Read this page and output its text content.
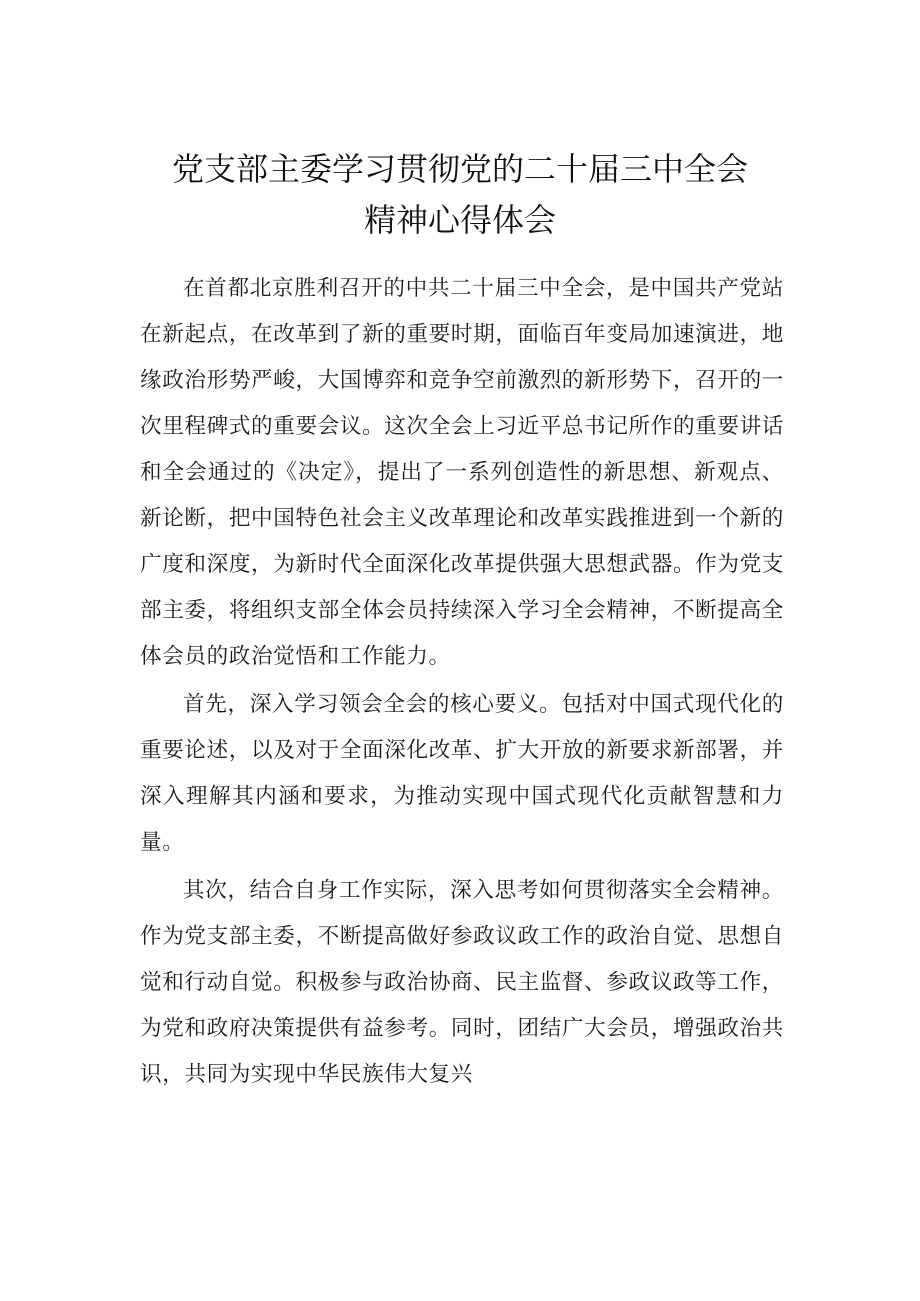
党支部主委学习贯彻党的二十届三中全会
精神心得体会

在首都北京胜利召开的中共二十届三中全会，是中国共产党站在新起点，在改革到了新的重要时期，面临百年变局加速演进，地缘政治形势严峻，大国博弈和竞争空前激烈的新形势下，召开的一次里程碑式的重要会议。这次全会上习近平总书记所作的重要讲话和全会通过的《决定》，提出了一系列创造性的新思想、新观点、新论断，把中国特色社会主义改革理论和改革实践推进到一个新的广度和深度，为新时代全面深化改革提供强大思想武器。作为党支部主委，将组织支部全体会员持续深入学习全会精神，不断提高全体会员的政治觉悟和工作能力。

首先，深入学习领会全会的核心要义。包括对中国式现代化的重要论述，以及对于全面深化改革、扩大开放的新要求新部署，并深入理解其内涵和要求，为推动实现中国式现代化贡献智慧和力量。

其次，结合自身工作实际，深入思考如何贯彻落实全会精神。作为党支部主委，不断提高做好参政议政工作的政治自觉、思想自觉和行动自觉。积极参与政治协商、民主监督、参政议政等工作，为党和政府决策提供有益参考。同时，团结广大会员，增强政治共识，共同为实现中华民族伟大复兴
